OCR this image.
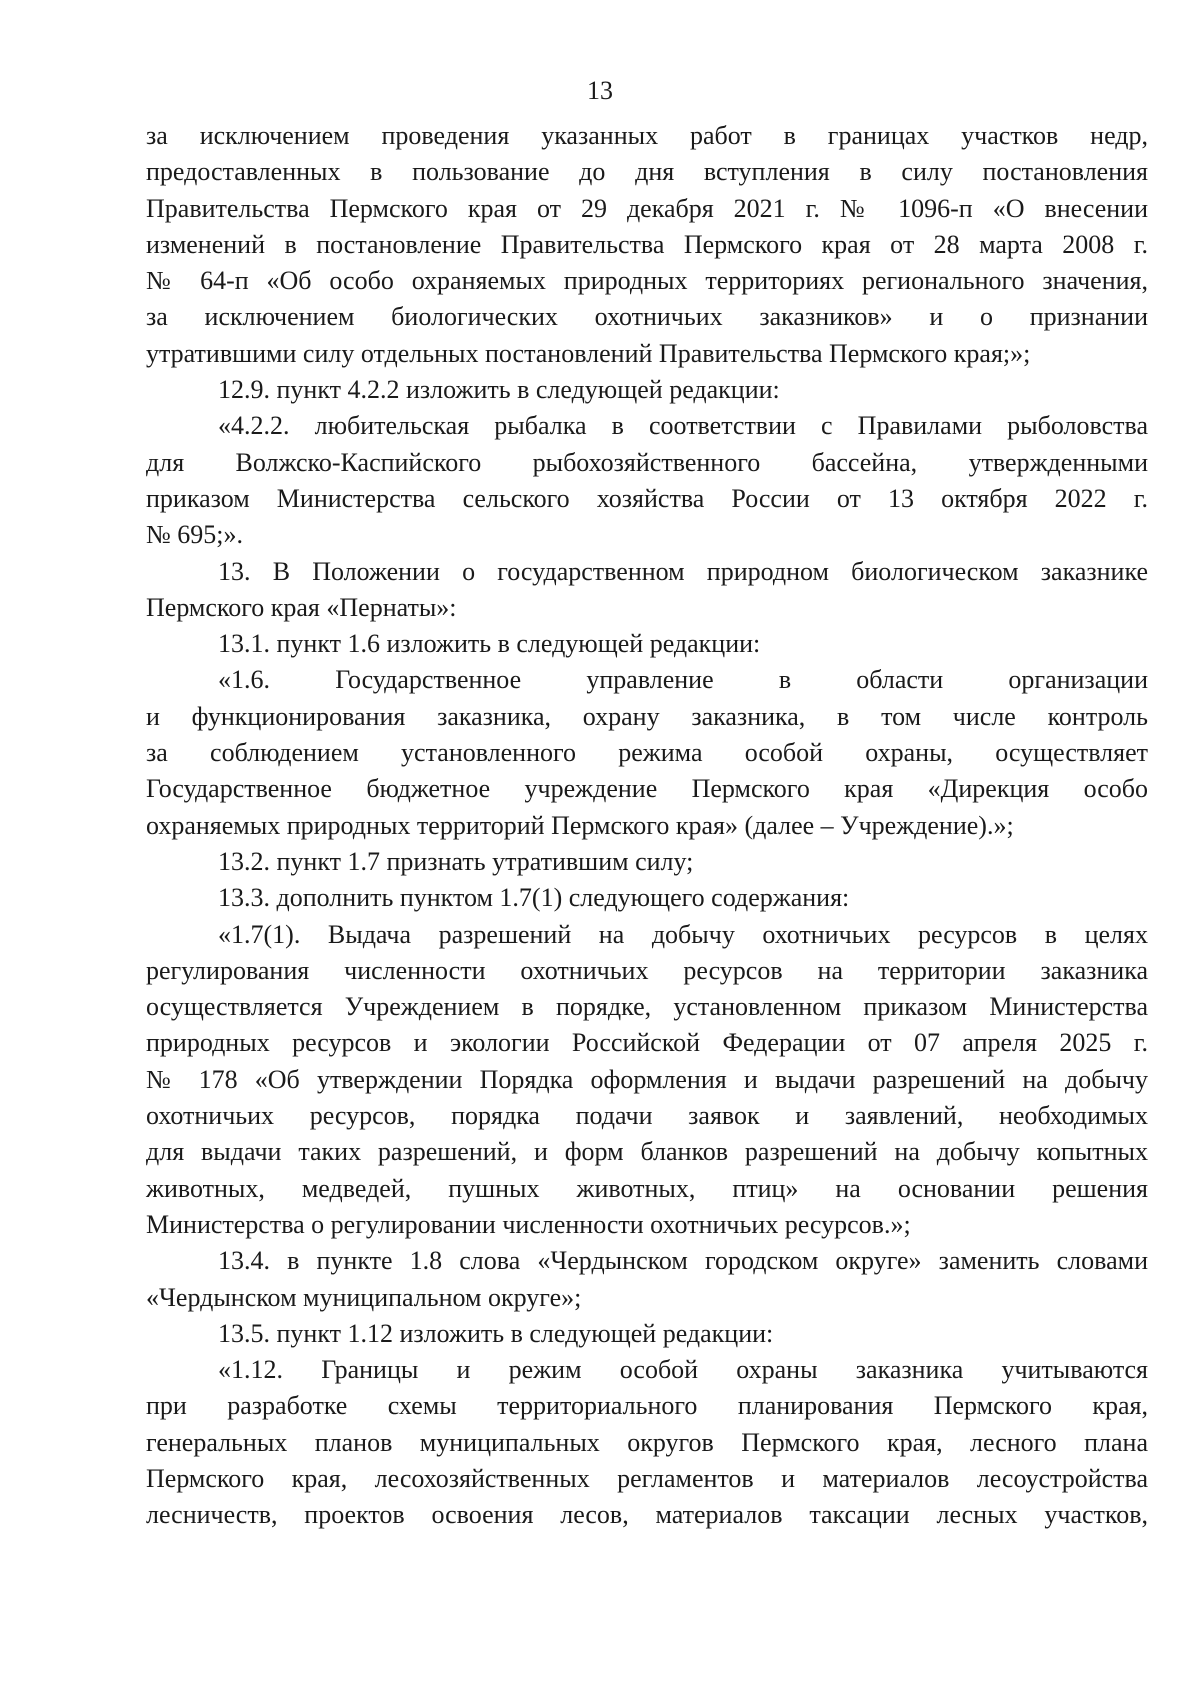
13

за исключением проведения указанных работ в границах участков недр,
предоставленных в пользование до дня вступления в силу постановления
Правительства Пермского края от 29 декабря 2021 г. № 1096-п «О внесении
изменений в постановление Правительства Пермского края от 28 марта 2008 г.
№ 64-п «Об особо охраняемых природных территориях регионального значения,
за исключением биологических охотничьих заказников» и о признании
утратившими силу отдельных постановлений Правительства Пермского края;»;

12.9. пункт 4.2.2 изложить в следующей редакции:

«4.2.2. любительская рыбалка в соответствии с Правилами рыболовства
для Волжско-Каспийского рыбохозяйственного бассейна, утвержденными
приказом Министерства сельского хозяйства России от 13 октября 2022 г.
№ 695;».

13. В Положении о государственном природном биологическом заказнике
Пермского края «Пернаты»:

13.1. пункт 1.6 изложить в следующей редакции:

«1.6. Государственное управление в области организации
и функционирования заказника, охрану заказника, в том числе контроль
за соблюдением установленного режима особой охраны, осуществляет
Государственное бюджетное учреждение Пермского края «Дирекция особо
охраняемых природных территорий Пермского края» (далее – Учреждение).»;

13.2. пункт 1.7 признать утратившим силу;

13.3. дополнить пунктом 1.7(1) следующего содержания:

«1.7(1). Выдача разрешений на добычу охотничьих ресурсов в целях
регулирования численности охотничьих ресурсов на территории заказника
осуществляется Учреждением в порядке, установленном приказом Министерства
природных ресурсов и экологии Российской Федерации от 07 апреля 2025 г.
№ 178 «Об утверждении Порядка оформления и выдачи разрешений на добычу
охотничьих ресурсов, порядка подачи заявок и заявлений, необходимых
для выдачи таких разрешений, и форм бланков разрешений на добычу копытных
животных, медведей, пушных животных, птиц» на основании решения
Министерства о регулировании численности охотничьих ресурсов.»;

13.4. в пункте 1.8 слова «Чердынском городском округе» заменить словами
«Чердынском муниципальном округе»;

13.5. пункт 1.12 изложить в следующей редакции:

«1.12. Границы и режим особой охраны заказника учитываются
при разработке схемы территориального планирования Пермского края,
генеральных планов муниципальных округов Пермского края, лесного плана
Пермского края, лесохозяйственных регламентов и материалов лесоустройства
лесничеств, проектов освоения лесов, материалов таксации лесных участков,
